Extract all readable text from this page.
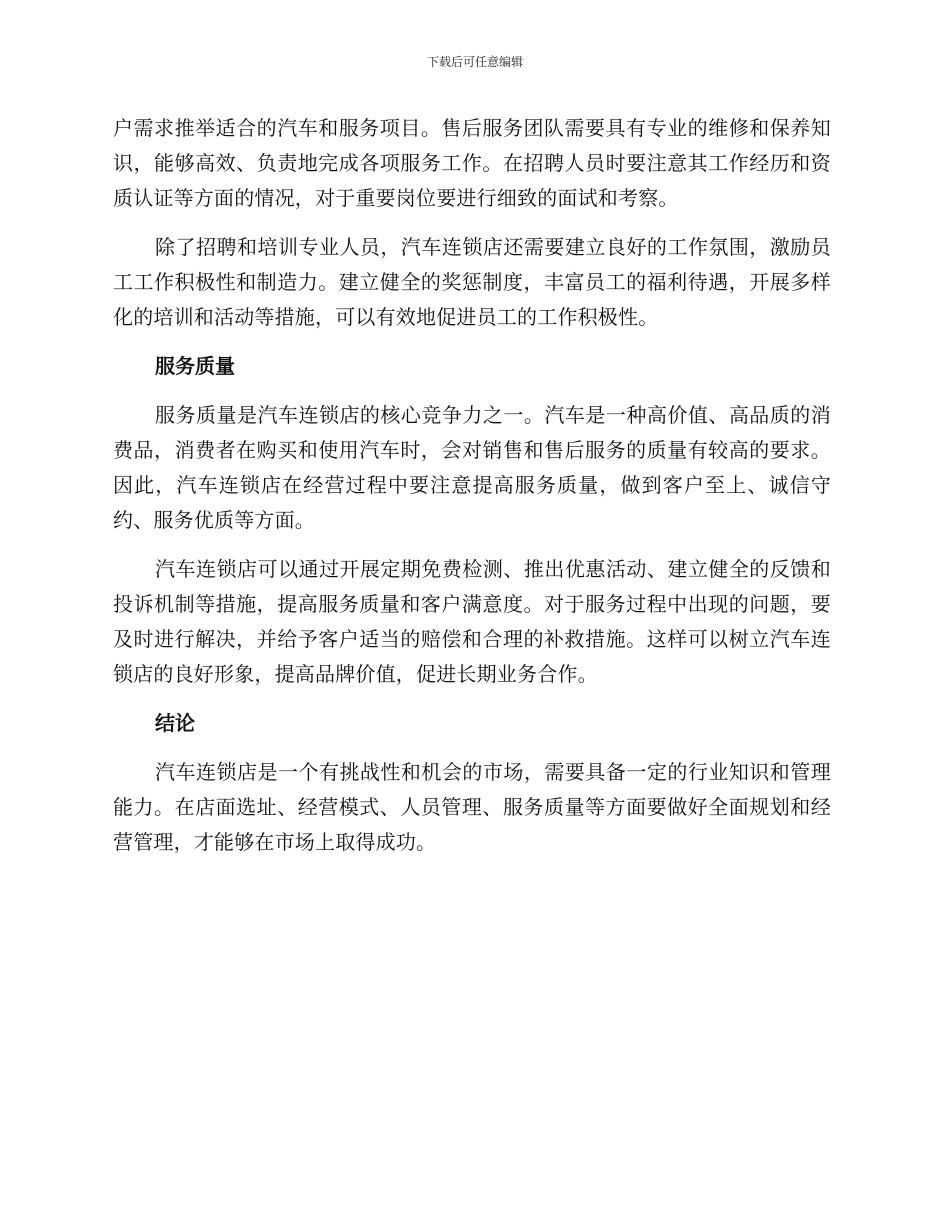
下载后可任意编辑

户需求推举适合的汽车和服务项目。售后服务团队需要具有专业的维修和保养知识，能够高效、负责地完成各项服务工作。在招聘人员时要注意其工作经历和资质认证等方面的情况，对于重要岗位要进行细致的面试和考察。

除了招聘和培训专业人员，汽车连锁店还需要建立良好的工作氛围，激励员工工作积极性和制造力。建立健全的奖惩制度，丰富员工的福利待遇，开展多样化的培训和活动等措施，可以有效地促进员工的工作积极性。

服务质量

服务质量是汽车连锁店的核心竞争力之一。汽车是一种高价值、高品质的消费品，消费者在购买和使用汽车时，会对销售和售后服务的质量有较高的要求。因此，汽车连锁店在经营过程中要注意提高服务质量，做到客户至上、诚信守约、服务优质等方面。

汽车连锁店可以通过开展定期免费检测、推出优惠活动、建立健全的反馈和投诉机制等措施，提高服务质量和客户满意度。对于服务过程中出现的问题，要及时进行解决，并给予客户适当的赔偿和合理的补救措施。这样可以树立汽车连锁店的良好形象，提高品牌价值，促进长期业务合作。

结论

汽车连锁店是一个有挑战性和机会的市场，需要具备一定的行业知识和管理能力。在店面选址、经营模式、人员管理、服务质量等方面要做好全面规划和经营管理，才能够在市场上取得成功。
